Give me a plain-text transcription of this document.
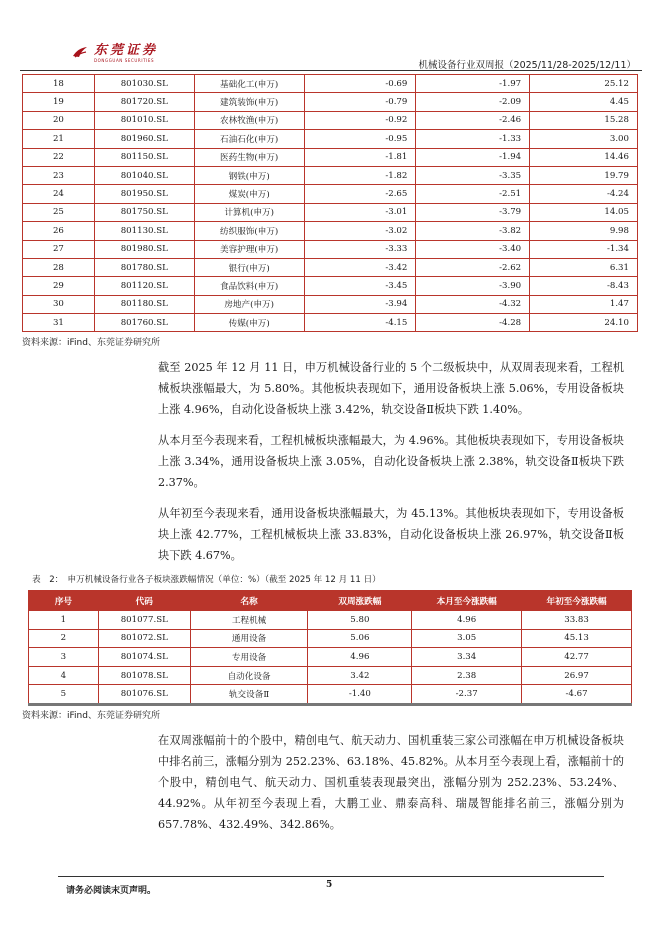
东莞证券
DONGGUAN SECURITIES	机械设备行业双周报（2025/11/28-2025/12/11）
18	801030.SL	基础化工(申万)	-0.69	-1.97	25.12
19	801720.SL	建筑装饰(申万)	-0.79	-2.09	4.45
20	801010.SL	农林牧渔(申万)	-0.92	-2.46	15.28
21	801960.SL	石油石化(申万)	-0.95	-1.33	3.00
22	801150.SL	医药生物(申万)	-1.81	-1.94	14.46
23	801040.SL	钢铁(申万)	-1.82	-3.35	19.79
24	801950.SL	煤炭(申万)	-2.65	-2.51	-4.24
25	801750.SL	计算机(申万)	-3.01	-3.79	14.05
26	801130.SL	纺织服饰(申万)	-3.02	-3.82	9.98
27	801980.SL	美容护理(申万)	-3.33	-3.40	-1.34
28	801780.SL	银行(申万)	-3.42	-2.62	6.31
29	801120.SL	食品饮料(申万)	-3.45	-3.90	-8.43
30	801180.SL	房地产(申万)	-3.94	-4.32	1.47
31	801760.SL	传媒(申万)	-4.15	-4.28	24.10
资料来源：iFind、东莞证券研究所

截至 2025 年 12 月 11 日，申万机械设备行业的 5 个二级板块中，从双周表现来看，工程机械板块涨幅最大，为 5.80%。其他板块表现如下，通用设备板块上涨 5.06%，专用设备板块上涨 4.96%，自动化设备板块上涨 3.42%，轨交设备Ⅱ板块下跌 1.40%。

从本月至今表现来看，工程机械板块涨幅最大，为 4.96%。其他板块表现如下，专用设备板块上涨 3.34%，通用设备板块上涨 3.05%，自动化设备板块上涨 2.38%，轨交设备Ⅱ板块下跌 2.37%。

从年初至今表现来看，通用设备板块涨幅最大，为 45.13%。其他板块表现如下，专用设备板块上涨 42.77%，工程机械板块上涨 33.83%，自动化设备板块上涨 26.97%，轨交设备Ⅱ板块下跌 4.67%。

表　2：　申万机械设备行业各子板块涨跌幅情况（单位：%）（截至 2025 年 12 月 11 日）
序号	代码	名称	双周涨跌幅	本月至今涨跌幅	年初至今涨跌幅
1	801077.SL	工程机械	5.80	4.96	33.83
2	801072.SL	通用设备	5.06	3.05	45.13
3	801074.SL	专用设备	4.96	3.34	42.77
4	801078.SL	自动化设备	3.42	2.38	26.97
5	801076.SL	轨交设备Ⅱ	-1.40	-2.37	-4.67
资料来源：iFind、东莞证券研究所

在双周涨幅前十的个股中，精创电气、航天动力、国机重装三家公司涨幅在申万机械设备板块中排名前三，涨幅分别为 252.23%、63.18%、45.82%。从本月至今表现上看，涨幅前十的个股中，精创电气、航天动力、国机重装表现最突出，涨幅分别为 252.23%、53.24%、44.92%。从年初至今表现上看，大鹏工业、鼎泰高科、瑞晟智能排名前三，涨幅分别为 657.78%、432.49%、342.86%。

请务必阅读末页声明。
5
